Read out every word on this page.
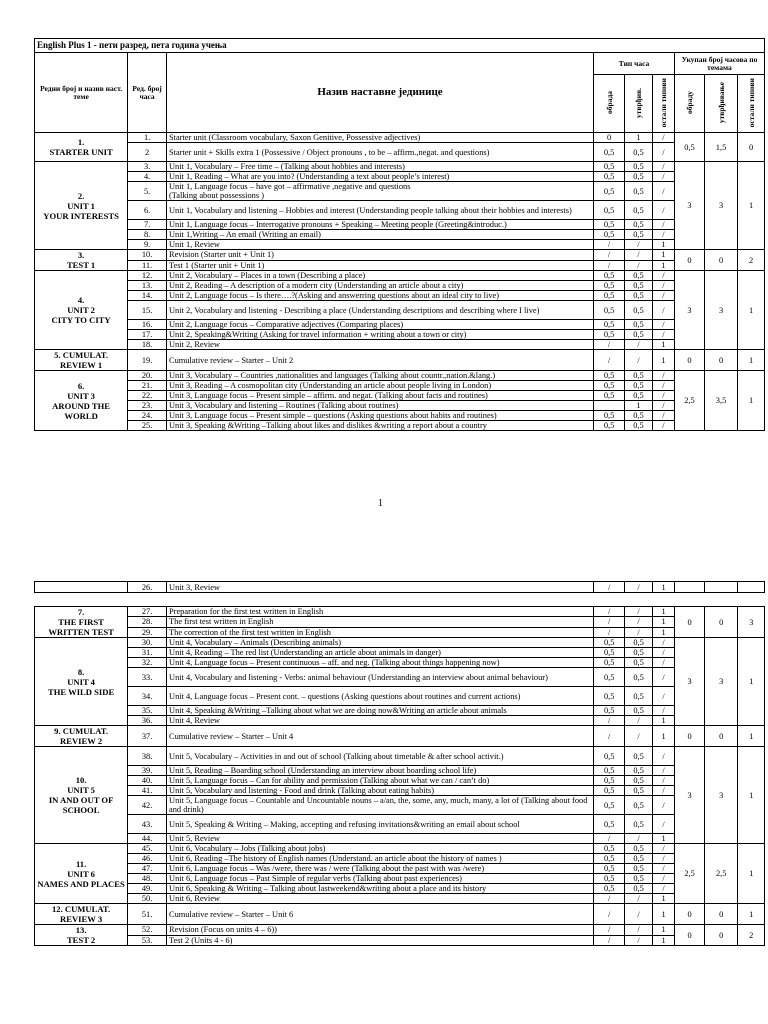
English Plus 1 - пети разред, пета година учења								
Редни број и назив наст. теме	Ред. број часа	Назив наставне јединице	Тип часа			Укупан број часова по темама		
			обрада	утврђив.	остали типови	обраду	утврђивање	остали типови
1.
STARTER UNIT	1.	Starter unit (Classroom vocabulary, Saxon Genitive, Possessive adjectives)	0	1	/	0,5	1,5	0
	2	Starter unit + Skills extra 1 (Possessive / Object pronouns , to be – affirm.,negat. and questions)	0,5	0,5	/			
2.
UNIT 1
YOUR INTERESTS	3.	Unit 1, Vocabulary – Free time – (Talking about hobbies and interests)	0,5	0,5	/	3	3	1
	4.	Unit 1, Reading – What are you into? (Understanding a text about people’s interest)	0,5	0,5	/			
	5.	Unit 1, Language focus – have got – affirmative ,negative and questions
(Talking about possessions )	0,5	0,5	/			
	6.	Unit 1, Vocabulary and listening – Hobbies and interest (Understanding people talking about their hobbies and interests)	0,5	0,5	/			
	7.	Unit 1, Language focus – Interrogative pronouns + Speaking – Meeting people (Greeting&introduc.)	0,5	0,5	/			
	8.	Unit 1,Writing – An email (Writing an email)	0,5	0,5	/			
	9.	Unit 1, Review	/	/	1			
3.
TEST 1	10.	Revision (Starter unit + Unit 1)	/	/	1	0	0	2
	11.	Test 1 (Starter unit + Unit 1)	/	/	1			
4.
UNIT 2
CITY TO CITY	12.	Unit 2, Vocabulary – Places in a town (Describing a place)	0,5	0,5	/	3	3	1
	13.	Unit 2, Reading – A description of a modern city (Understanding an article about a city)	0,5	0,5	/			
	14.	Unit 2, Language focus – Is there….?(Asking and answerring questions about an ideal city to live)	0,5	0,5	/			
	15.	Unit 2, Vocabulary and listening - Describing a place (Understanding descriptions and describing where I live)	0,5	0,5	/			
	16.	Unit 2, Language focus – Comparative adjectives (Comparing places)	0,5	0,5	/			
	17.	Unit 2, Speaking&Writing (Asking for travel information + writing about a town or city)	0,5	0,5	/			
	18.	Unit 2, Review	/	/	1			
5. CUMULAT. REVIEW 1	19.	Cumulative review – Starter – Unit 2	/	/	1	0	0	1
6.
UNIT 3
AROUND THE WORLD	20.	Unit 3, Vocabulary – Countries ,nationalities and languages (Talking about countr.,nation.&lang.)	0,5	0,5	/	2,5	3,5	1
	21.	Unit 3, Reading – A cosmopolitan city (Understanding an article about people living in London)	0,5	0,5	/			
	22.	Unit 3, Language focus – Present simple – affirm. and negat. (Talking about facts and routines)	0,5	0,5	/			
	23.	Unit 3, Vocabulary and listening – Routines (Talking about routines)		1	/			
	24.	Unit 3, Language focus – Present simple – questions (Asking questions about habits and routines)	0,5	0,5	/			
	25.	Unit 3, Speaking &Writing –Talking about likes and dislikes &writing a report about a country	0,5	0,5	/			
1
	26.	Unit 3, Review	/	/	1			
7.
THE FIRST WRITTEN TEST	27.	Preparation for the first test written in English	/	/	1	0	0	3
	28.	The first test written in English	/	/	1			
	29.	The correction of the first test written in English	/	/	1			
8.
UNIT 4
THE WILD SIDE	30.	Unit 4, Vocabulary – Animals (Describing animals)	0,5	0,5	/	3	3	1
	31.	Unit 4, Reading – The red list (Understanding an article about animals in danger)	0,5	0,5	/			
	32.	Unit 4, Language focus – Present continuous – aff. and neg. (Talking about things happening now)	0,5	0,5	/			
	33.	Unit 4, Vocabulary and listening - Verbs: animal behaviour (Understanding an interview about animal behaviour)	0,5	0,5	/			
	34.	Unit 4, Language focus – Present cont. – questions (Asking questions about routines and current actions)	0,5	0,5	/			
	35.	Unit 4, Speaking &Writing –Talking about what we are doing now&Writing an article about animals	0,5	0,5	/			
	36.	Unit 4, Review	/	/	1			
9. CUMULAT. REVIEW 2	37.	Cumulative review – Starter – Unit 4	/	/	1	0	0	1
10.
UNIT 5
IN AND OUT OF SCHOOL	38.	Unit 5, Vocabulary – Activities in and out of school (Talking about timetable & after school activit.)	0,5	0,5	/	3	3	1
	39.	Unit 5, Reading – Boarding school (Understanding an interview about boarding school life)	0,5	0,5	/			
	40.	Unit 5, Language focus – Can for ability and permission (Talking about what we can / can’t do)	0,5	0,5	/			
	41.	Unit 5, Vocabulary and listening - Food and drink (Talking about eating habits)	0,5	0,5	/			
	42.	Unit 5, Language focus – Countable and Uncountable nouns – a/an, the, some, any, much, many, a lot of (Talking about food and drink)	0,5	0,5	/			
	43.	Unit 5, Speaking & Writing – Making, accepting and refusing invitations&writing an email about school	0,5	0,5	/			
	44.	Unit 5, Review	/	/	1			
11.
UNIT 6
NAMES AND PLACES	45.	Unit 6, Vocabulary – Jobs (Talking about jobs)	0,5	0,5	/	2,5	2,5	1
	46.	Unit 6, Reading –The history of English names (Understand. an article about the history of names )	0,5	0,5	/			
	47.	Unit 6, Language focus – Was /were, there was / were (Talking about the past with was /were)	0,5	0,5	/			
	48.	Unit 6, Language focus – Past Simple of regular verbs (Talking about past experiences)	0,5	0,5	/			
	49.	Unit 6, Speaking & Writing – Talking about lastweekend&writing about a place and its history	0,5	0,5	/			
	50.	Unit 6, Review	/	/	1			
12. CUMULAT. REVIEW 3	51.	Cumulative review – Starter – Unit 6	/	/	1	0	0	1
13.
TEST 2	52.	Revision (Focus on units 4 – 6))	/	/	1	0	0	2
	53.	Test 2 (Units 4 - 6)	/	/	1			
